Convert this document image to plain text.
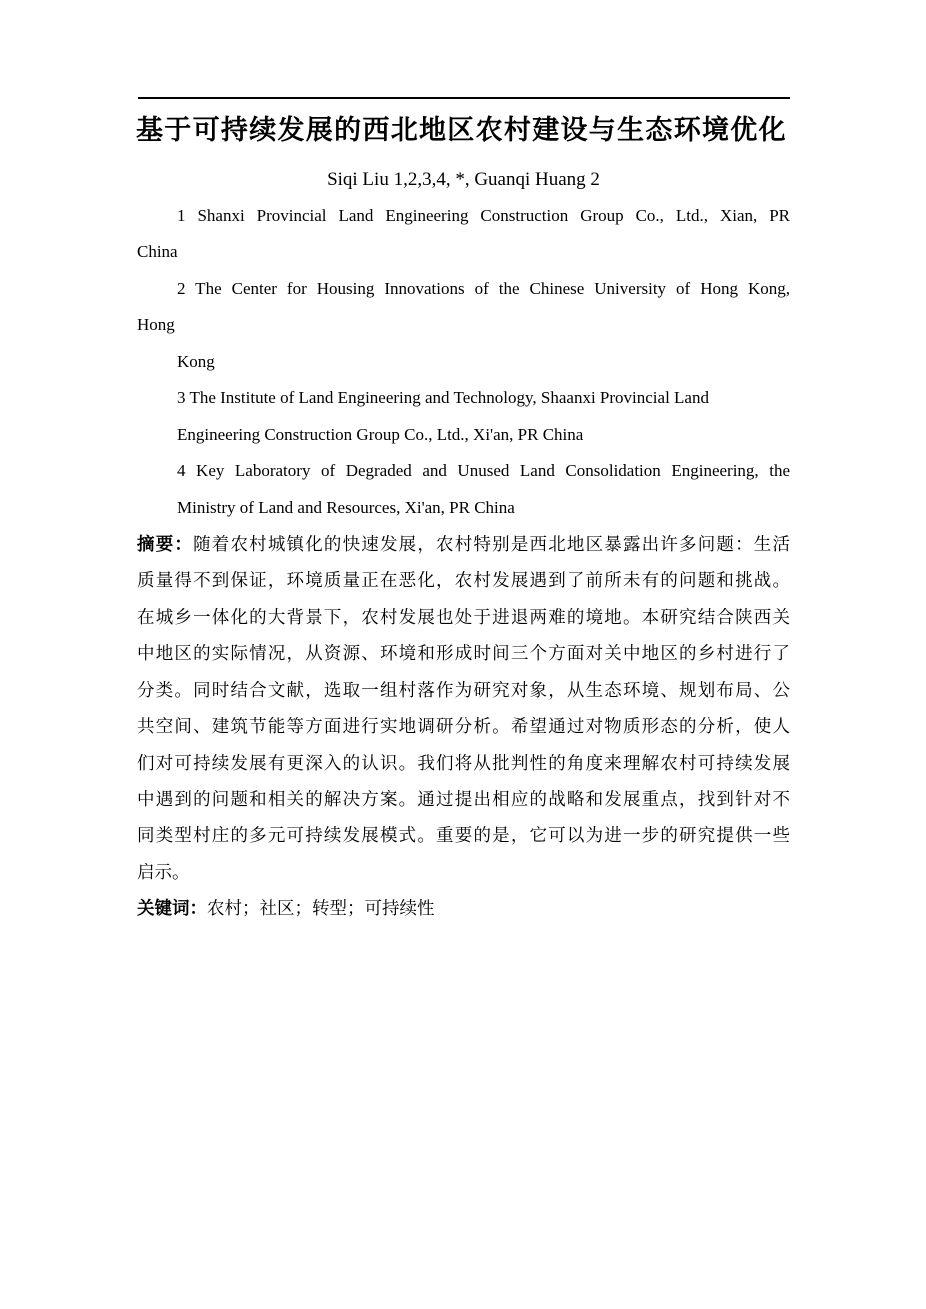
基于可持续发展的西北地区农村建设与生态环境优化
Siqi Liu 1,2,3,4, *, Guanqi Huang 2
1 Shanxi Provincial Land Engineering Construction Group Co., Ltd., Xian, PR
China
2 The Center for Housing Innovations of the Chinese University of Hong Kong,
Hong
Kong
3 The Institute of Land Engineering and Technology, Shaanxi Provincial Land
Engineering Construction Group Co., Ltd., Xi'an, PR China
4 Key Laboratory of Degraded and Unused Land Consolidation Engineering, the
Ministry of Land and Resources, Xi'an, PR China
摘要：随着农村城镇化的快速发展，农村特别是西北地区暴露出许多问题：生活
质量得不到保证，环境质量正在恶化，农村发展遇到了前所未有的问题和挑战。
在城乡一体化的大背景下，农村发展也处于进退两难的境地。本研究结合陕西关
中地区的实际情况，从资源、环境和形成时间三个方面对关中地区的乡村进行了
分类。同时结合文献，选取一组村落作为研究对象，从生态环境、规划布局、公
共空间、建筑节能等方面进行实地调研分析。希望通过对物质形态的分析，使人
们对可持续发展有更深入的认识。我们将从批判性的角度来理解农村可持续发展
中遇到的问题和相关的解决方案。通过提出相应的战略和发展重点，找到针对不
同类型村庄的多元可持续发展模式。重要的是，它可以为进一步的研究提供一些
启示。
关键词：农村；社区；转型；可持续性
